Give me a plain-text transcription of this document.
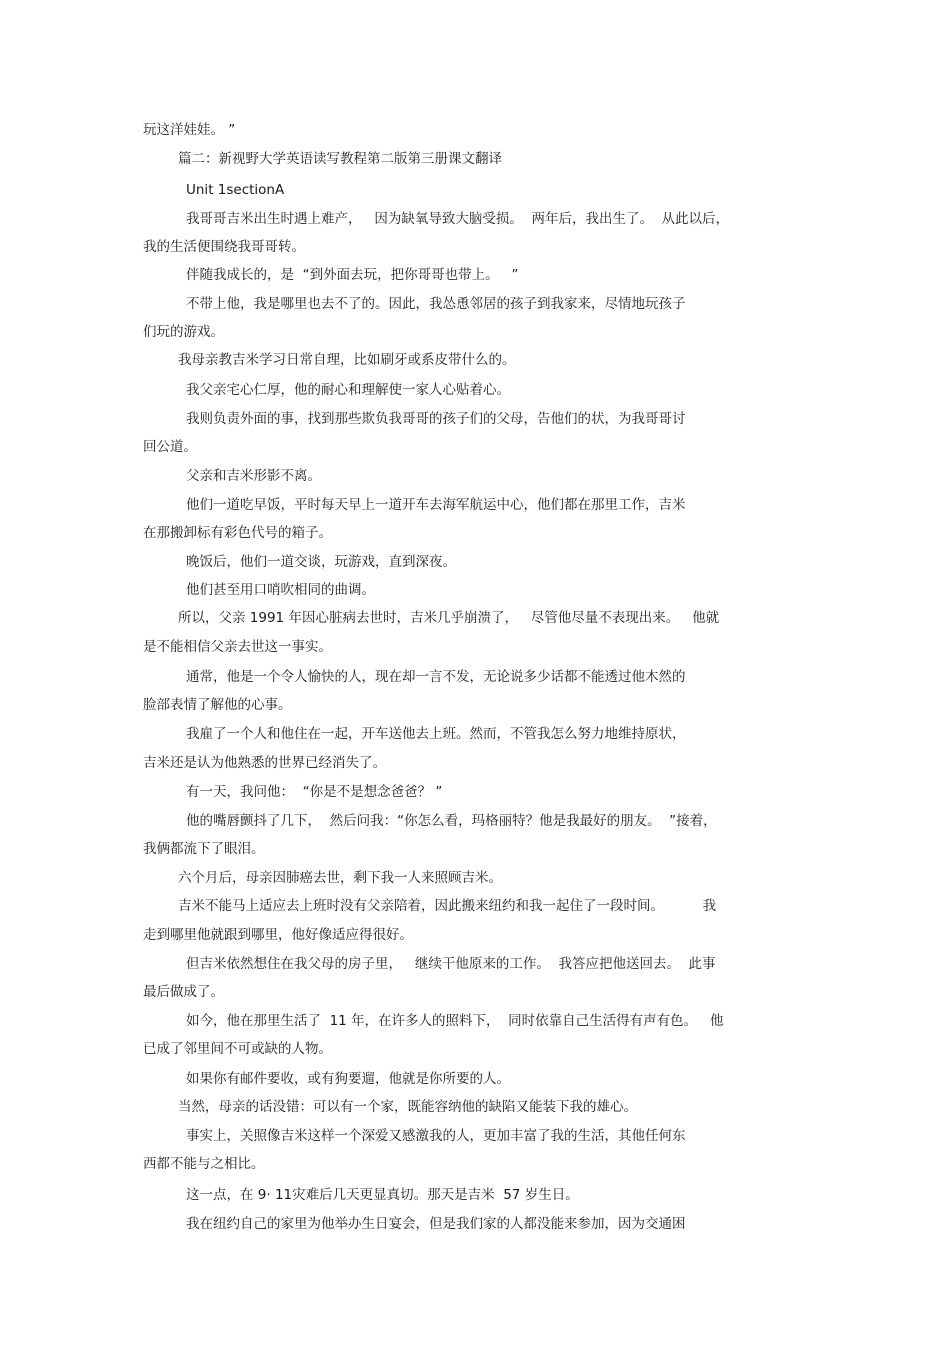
玩这洋娃娃。 ”

篇二：新视野大学英语读写教程第二版第三册课文翻译

Unit 1sectionA

我哥哥吉米出生时遇上难产，   因为缺氧导致大脑受损。  两年后，我出生了。  从此以后，

我的生活便围绕我哥哥转。

伴随我成长的，是  “到外面去玩，把你哥哥也带上。   ”

不带上他，我是哪里也去不了的。因此，我怂恿邻居的孩子到我家来，尽情地玩孩子

们玩的游戏。

我母亲教吉米学习日常自理，比如刷牙或系皮带什么的。

我父亲宅心仁厚，他的耐心和理解使一家人心贴着心。

我则负责外面的事，找到那些欺负我哥哥的孩子们的父母，告他们的状，为我哥哥讨

回公道。

父亲和吉米形影不离。

他们一道吃早饭，平时每天早上一道开车去海军航运中心，他们都在那里工作，吉米

在那搬卸标有彩色代号的箱子。

晚饭后，他们一道交谈，玩游戏，直到深夜。

他们甚至用口哨吹相同的曲调。

所以，父亲 1991 年因心脏病去世时，吉米几乎崩溃了，   尽管他尽量不表现出来。   他就

是不能相信父亲去世这一事实。

通常，他是一个令人愉快的人，现在却一言不发，无论说多少话都不能透过他木然的

脸部表情了解他的心事。

我雇了一个人和他住在一起，开车送他去上班。然而，不管我怎么努力地维持原状，

吉米还是认为他熟悉的世界已经消失了。

有一天，我问他：  “你是不是想念爸爸？ ”

他的嘴唇颤抖了几下，  然后问我：“你怎么看，玛格丽特？他是我最好的朋友。  ”接着，

我俩都流下了眼泪。

六个月后，母亲因肺癌去世，剩下我一人来照顾吉米。

吉米不能马上适应去上班时没有父亲陪着，因此搬来纽约和我一起住了一段时间。         我

走到哪里他就跟到哪里，他好像适应得很好。

但吉米依然想住在我父母的房子里，   继续干他原来的工作。  我答应把他送回去。  此事

最后做成了。

如今，他在那里生活了  11 年，在许多人的照料下，  同时依靠自己生活得有声有色。   他

已成了邻里间不可或缺的人物。

如果你有邮件要收，或有狗要遛，他就是你所要的人。

当然，母亲的话没错：可以有一个家，既能容纳他的缺陷又能装下我的雄心。

事实上，关照像吉米这样一个深爱又感激我的人，更加丰富了我的生活，其他任何东

西都不能与之相比。

这一点，在 9· 11灾难后几天更显真切。那天是吉米  57 岁生日。

我在纽约自己的家里为他举办生日宴会，但是我们家的人都没能来参加，因为交通困
